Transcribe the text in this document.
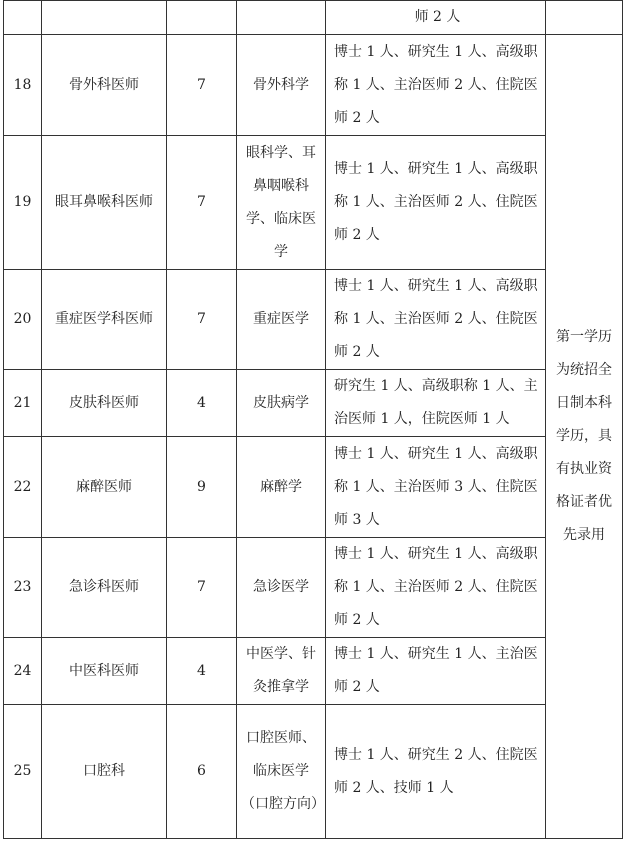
				师 2 人	
18	骨外科医师	7	骨外科学	博士 1 人、研究生 1 人、高级职称 1 人、主治医师 2 人、住院医师 2 人	第一学历为统招全日制本科学历，具有执业资格证者优先录用
19	眼耳鼻喉科医师	7	眼科学、耳鼻咽喉科学、临床医学	博士 1 人、研究生 1 人、高级职称 1 人、主治医师 2 人、住院医师 2 人	
20	重症医学科医师	7	重症医学	博士 1 人、研究生 1 人、高级职称 1 人、主治医师 2 人、住院医师 2 人	
21	皮肤科医师	4	皮肤病学	研究生 1 人、高级职称 1 人、主治医师 1 人，住院医师 1 人	
22	麻醉医师	9	麻醉学	博士 1 人、研究生 1 人、高级职称 1 人、主治医师 3 人、住院医师 3 人	
23	急诊科医师	7	急诊医学	博士 1 人、研究生 1 人、高级职称 1 人、主治医师 2 人、住院医师 2 人	
24	中医科医师	4	中医学、针灸推拿学	博士 1 人、研究生 1 人、主治医师 2 人	
25	口腔科	6	口腔医师、临床医学（口腔方向）	博士 1 人、研究生 2 人、住院医师 2 人、技师 1 人	
